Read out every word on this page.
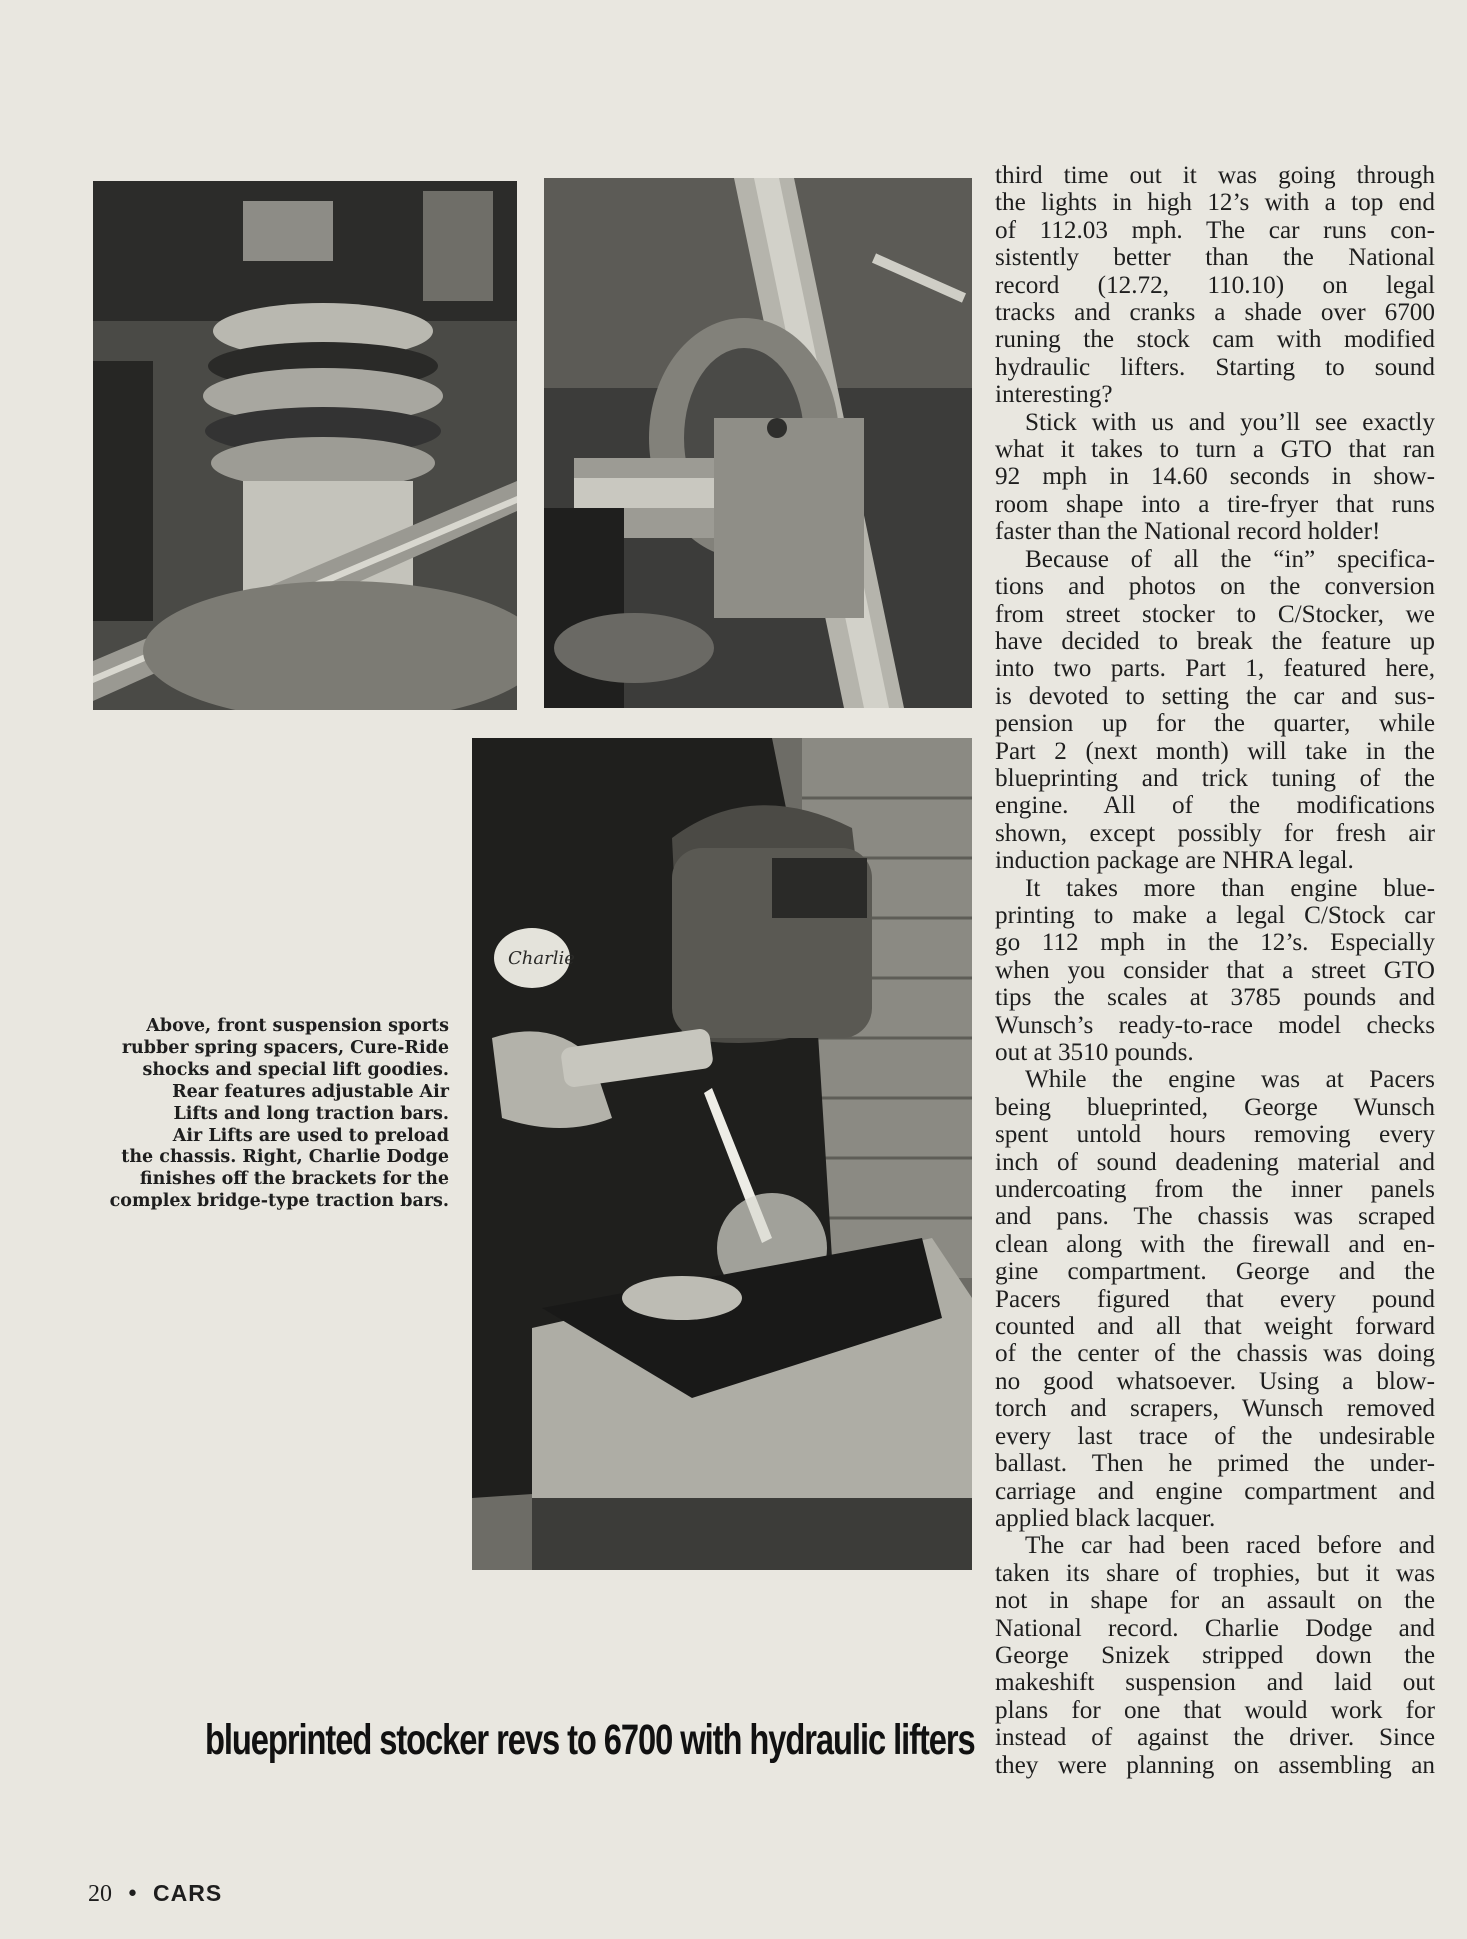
Charlie
Above, front suspension sports
rubber spring spacers, Cure-Ride
shocks and special lift goodies.
Rear features adjustable Air
Lifts and long traction bars.
Air Lifts are used to preload
the chassis. Right, Charlie Dodge
finishes off the brackets for the
complex bridge-type traction bars.
third time out it was going through
the lights in high 12’s with a top end
of 112.03 mph. The car runs con-
sistently better than the National
record (12.72, 110.10) on legal
tracks and cranks a shade over 6700
runing the stock cam with modified
hydraulic lifters. Starting to sound
interesting?
Stick with us and you’ll see exactly
what it takes to turn a GTO that ran
92 mph in 14.60 seconds in show-
room shape into a tire-fryer that runs
faster than the National record holder!
Because of all the “in” specifica-
tions and photos on the conversion
from street stocker to C/Stocker, we
have decided to break the feature up
into two parts. Part 1, featured here,
is devoted to setting the car and sus-
pension up for the quarter, while
Part 2 (next month) will take in the
blueprinting and trick tuning of the
engine. All of the modifications
shown, except possibly for fresh air
induction package are NHRA legal.
It takes more than engine blue-
printing to make a legal C/Stock car
go 112 mph in the 12’s. Especially
when you consider that a street GTO
tips the scales at 3785 pounds and
Wunsch’s ready-to-race model checks
out at 3510 pounds.
While the engine was at Pacers
being blueprinted, George Wunsch
spent untold hours removing every
inch of sound deadening material and
undercoating from the inner panels
and pans. The chassis was scraped
clean along with the firewall and en-
gine compartment. George and the
Pacers figured that every pound
counted and all that weight forward
of the center of the chassis was doing
no good whatsoever. Using a blow-
torch and scrapers, Wunsch removed
every last trace of the undesirable
ballast. Then he primed the under-
carriage and engine compartment and
applied black lacquer.
The car had been raced before and
taken its share of trophies, but it was
not in shape for an assault on the
National record. Charlie Dodge and
George Snizek stripped down the
makeshift suspension and laid out
plans for one that would work for
instead of against the driver. Since
they were planning on assembling an
blueprinted stocker revs to 6700 with hydraulic lifters
20 • CARS
